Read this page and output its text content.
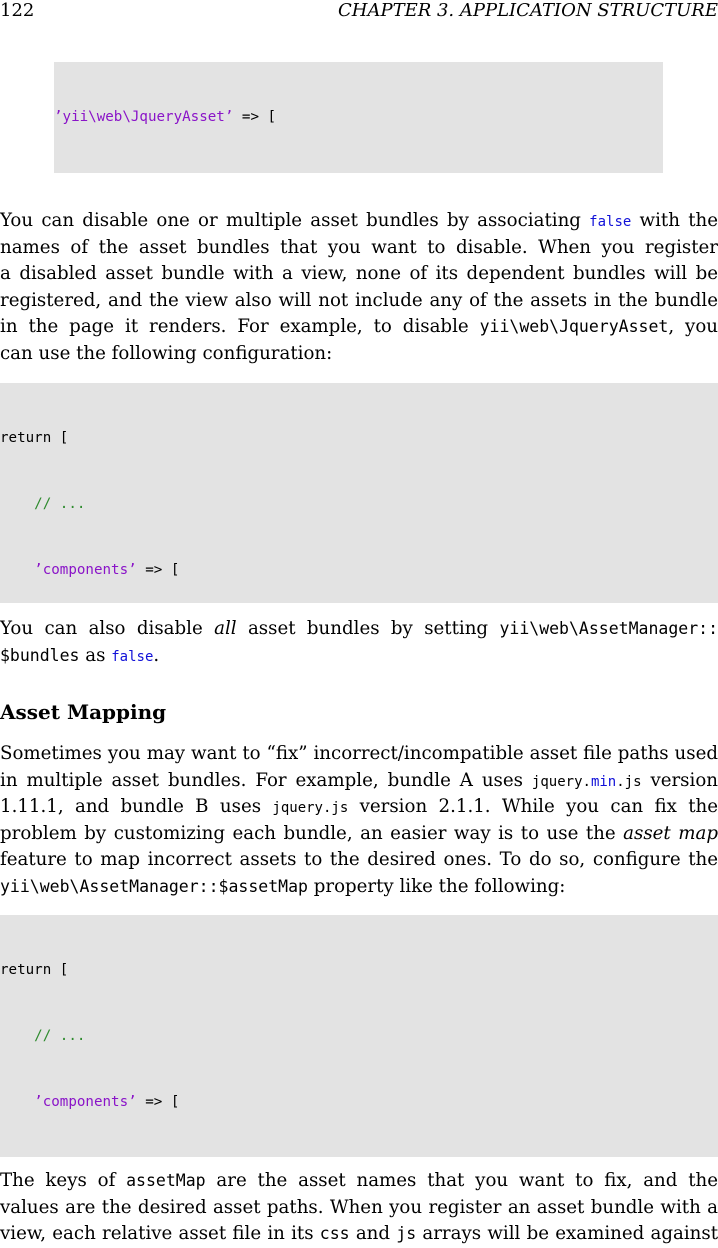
122	CHAPTER 3. APPLICATION STRUCTURE

’yii\web\JqueryAsset’ => [

You can disable one or multiple asset bundles by associating false with the
names of the asset bundles that you want to disable. When you register
a disabled asset bundle with a view, none of its dependent bundles will be
registered, and the view also will not include any of the assets in the bundle
in the page it renders. For example, to disable yii\web\JqueryAsset, you
can use the following configuration:

return [

// ...

’components’ => [

You can also disable all asset bundles by setting yii\web\AssetManager::
$bundles as false.
Asset Mapping
Sometimes you may want to “fix” incorrect/incompatible asset file paths used
in multiple asset bundles. For example, bundle A uses jquery.min.js version
1.11.1, and bundle B uses jquery.js version 2.1.1. While you can fix the
problem by customizing each bundle, an easier way is to use the asset map
feature to map incorrect assets to the desired ones. To do so, configure the
yii\web\AssetManager::$assetMap property like the following:

return [

// ...

’components’ => [

The keys of assetMap are the asset names that you want to fix, and the
values are the desired asset paths. When you register an asset bundle with a
view, each relative asset file in its css and js arrays will be examined against
